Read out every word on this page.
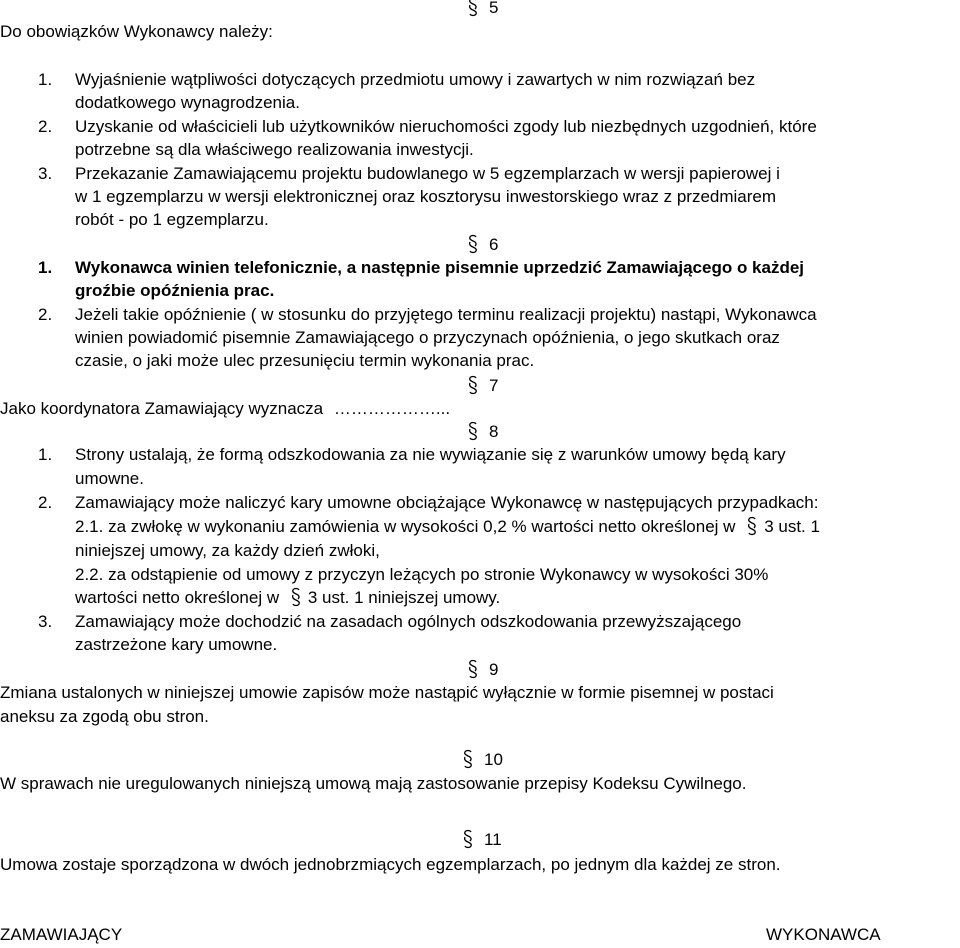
5
Do obowiązków Wykonawcy należy:
1. Wyjaśnienie wątpliwości dotyczących przedmiotu umowy i zawartych w nim rozwiązań bez
dodatkowego wynagrodzenia.
2. Uzyskanie od właścicieli lub użytkowników nieruchomości zgody lub niezbędnych uzgodnień, które
potrzebne są dla właściwego realizowania inwestycji.
3. Przekazanie Zamawiającemu projektu budowlanego w 5 egzemplarzach w wersji papierowej i
w 1 egzemplarzu w wersji elektronicznej oraz kosztorysu inwestorskiego wraz z przedmiarem
robót - po 1 egzemplarzu.
6
1. Wykonawca winien telefonicznie, a następnie pisemnie uprzedzić Zamawiającego o każdej
groźbie opóźnienia prac.
2. Jeżeli takie opóźnienie ( w stosunku do przyjętego terminu realizacji projektu) nastąpi, Wykonawca
winien powiadomić pisemnie Zamawiającego o przyczynach opóźnienia, o jego skutkach oraz
czasie, o jaki może ulec przesunięciu termin wykonania prac.
7
Jako koordynatora Zamawiający wyznacza ………………...
8
1. Strony ustalają, że formą odszkodowania za nie wywiązanie się z warunków umowy będą kary
umowne.
2. Zamawiający może naliczyć kary umowne obciążające Wykonawcę w następujących przypadkach:
2.1. za zwłokę w wykonaniu zamówienia w wysokości 0,2 % wartości netto określonej w 3 ust. 1
niniejszej umowy, za każdy dzień zwłoki,
2.2. za odstąpienie od umowy z przyczyn leżących po stronie Wykonawcy w wysokości 30%
wartości netto określonej w 3 ust. 1 niniejszej umowy.
3. Zamawiający może dochodzić na zasadach ogólnych odszkodowania przewyższającego
zastrzeżone kary umowne.
9
Zmiana ustalonych w niniejszej umowie zapisów może nastąpić wyłącznie w formie pisemnej w postaci
aneksu za zgodą obu stron.
10
W sprawach nie uregulowanych niniejszą umową mają zastosowanie przepisy Kodeksu Cywilnego.
11
Umowa zostaje sporządzona w dwóch jednobrzmiących egzemplarzach, po jednym dla każdej ze stron.
ZAMAWIAJĄCY	WYKONAWCA
